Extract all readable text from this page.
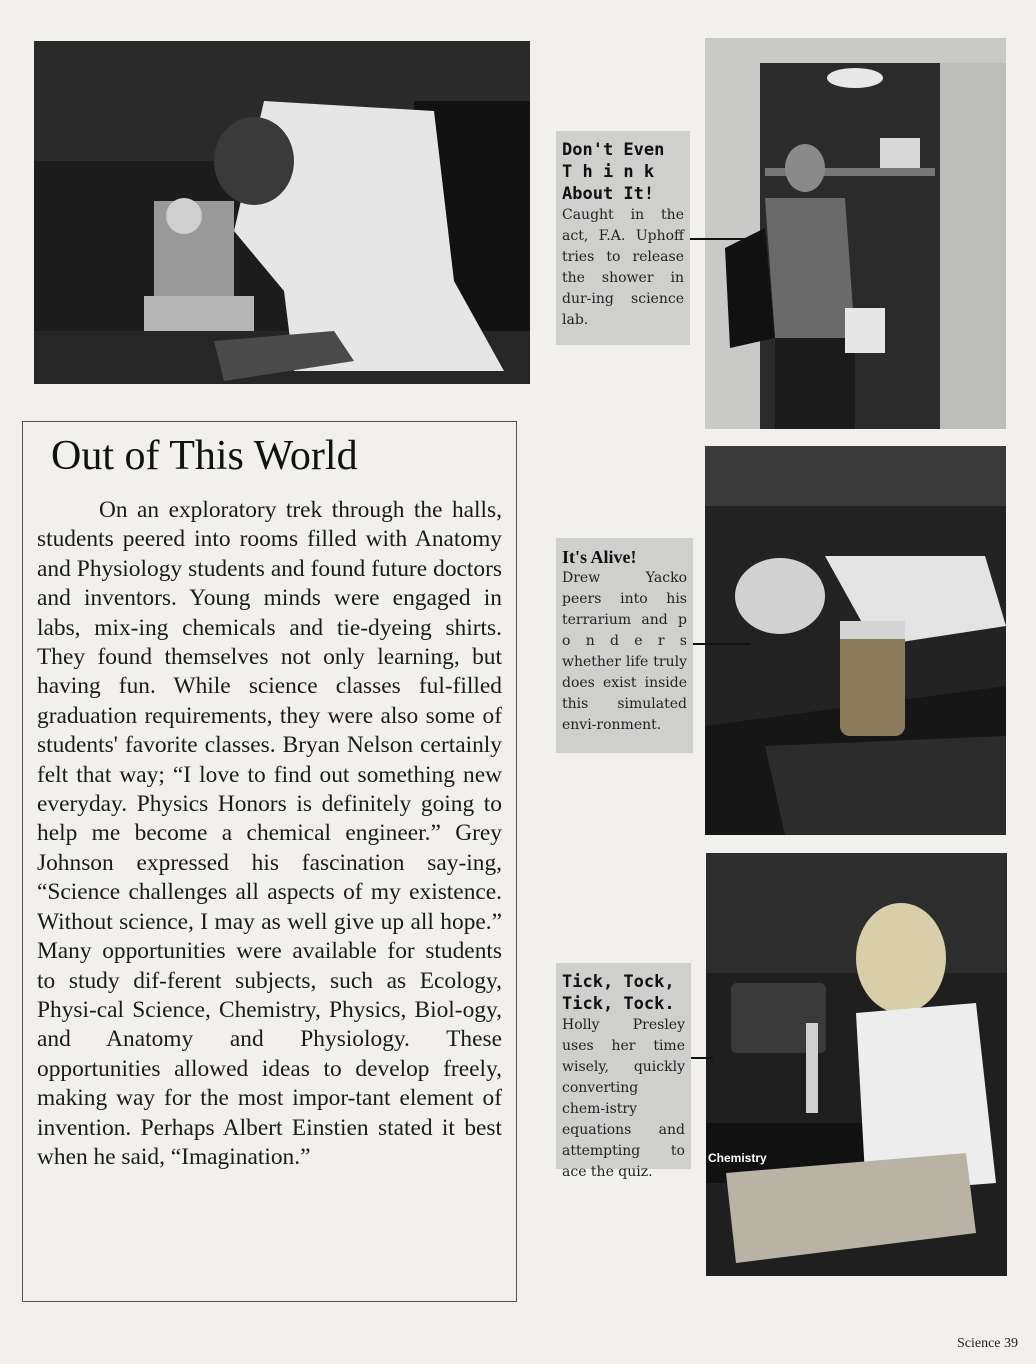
Don't Even T h i n k About It!
Caught in the act, F.A. Uphoff tries to release the shower in dur-ing science lab.
It's Alive!
Drew Yacko peers into his terrarium and p o n d e r s whether life truly does exist inside this simulated envi-ronment.
Chemistry
Tick, Tock, Tick, Tock.
Holly Presley uses her time wisely, quickly converting chem-istry equations and attempting to ace the quiz.
Out of This World

On an exploratory trek through the halls, students peered into rooms filled with Anatomy and Physiology students and found future doctors and inventors. Young minds were engaged in labs, mix-ing chemicals and tie-dyeing shirts. They found themselves not only learning, but having fun. While science classes ful-filled graduation requirements, they were also some of students' favorite classes. Bryan Nelson certainly felt that way; “I love to find out something new everyday. Physics Honors is definitely going to help me become a chemical engineer.” Grey Johnson expressed his fascination say-ing, “Science challenges all aspects of my existence. Without science, I may as well give up all hope.” Many opportunities were available for students to study dif-ferent subjects, such as Ecology, Physi-cal Science, Chemistry, Physics, Biol-ogy, and Anatomy and Physiology. These opportunities allowed ideas to develop freely, making way for the most impor-tant element of invention. Perhaps Albert Einstien stated it best when he said, “Imagination.”

Science 39
